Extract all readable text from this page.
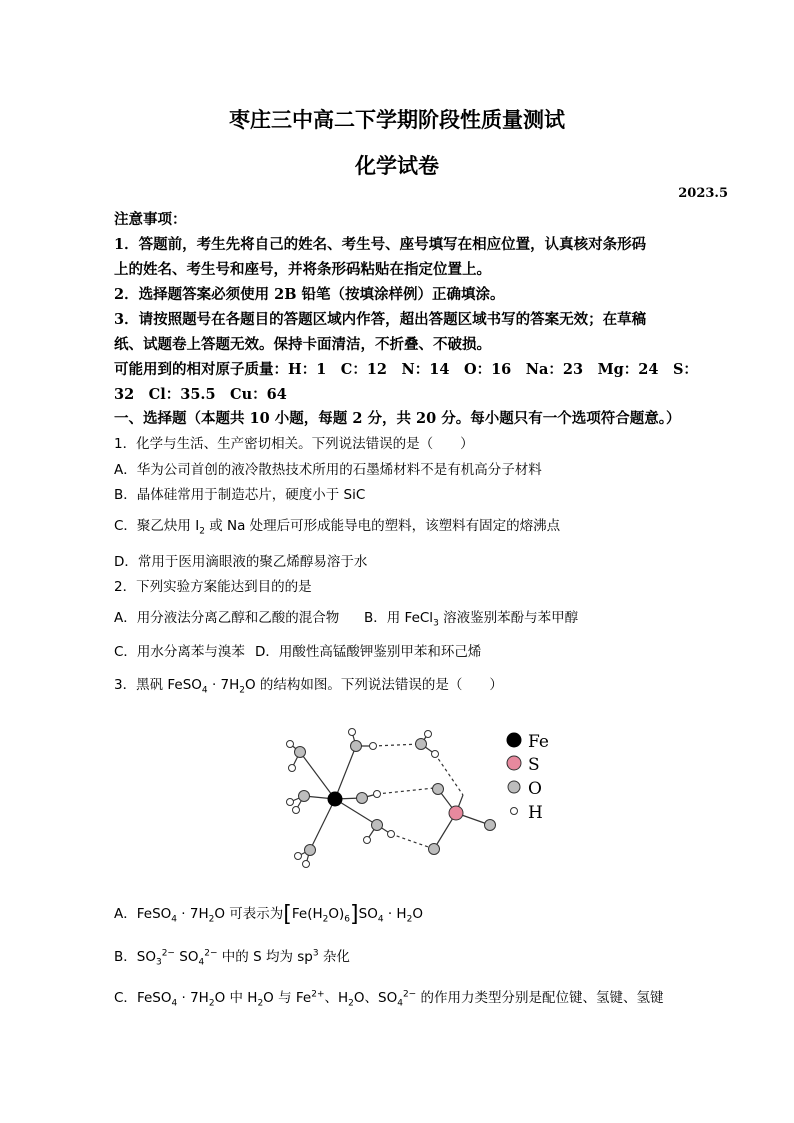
枣庄三中高二下学期阶段性质量测试
化学试卷
2023.5
注意事项：
1．答题前，考生先将自己的姓名、考生号、座号填写在相应位置，认真核对条形码
上的姓名、考生号和座号，并将条形码粘贴在指定位置上。
2．选择题答案必须使用 2B 铅笔（按填涂样例）正确填涂。
3．请按照题号在各题目的答题区域内作答，超出答题区域书写的答案无效；在草稿
纸、试题卷上答题无效。保持卡面清洁，不折叠、不破损。
可能用到的相对原子质量：H：1　C：12　N：14　O：16　Na：23　Mg：24　S：
32　Cl：35.5　Cu：64
一、选择题（本题共 10 小题，每题 2 分，共 20 分。每小题只有一个选项符合题意。）
1．化学与生活、生产密切相关。下列说法错误的是（　　）
A．华为公司首创的液冷散热技术所用的石墨烯材料不是有机高分子材料
B．晶体硅常用于制造芯片，硬度小于 SiC
C．聚乙炔用 $I_2$ 或 Na 处理后可形成能导电的塑料，该塑料有固定的熔沸点
D．常用于医用滴眼液的聚乙烯醇易溶于水
2．下列实验方案能达到目的的是
A．用分液法分离乙醇和乙酸的混合物　 B．用 FeCl$_3$ 溶液鉴别苯酚与苯甲醇
C．用水分离苯与溴苯 D．用酸性高锰酸钾鉴别甲苯和环己烯
3．黑矾 FeSO$_4$ · $7H_2O$ 的结构如图。下列说法错误的是（　　）
Fe
S
O
H
A．FeSO$_4$ · $7H_2O$ 可表示为$[Fe(H_2O)_6]SO_4 \cdot H_2O$
B．$SO_3^{2-}$ $SO_4^{2-}$ 中的 S 均为 $sp^3$ 杂化
C．FeSO$_4$ · $7H_2O$ 中 $H_2O$ 与 $Fe^{2+}$、$H_2O$、$SO_4^{2-}$ 的作用力类型分别是配位键、氢键、氢键
